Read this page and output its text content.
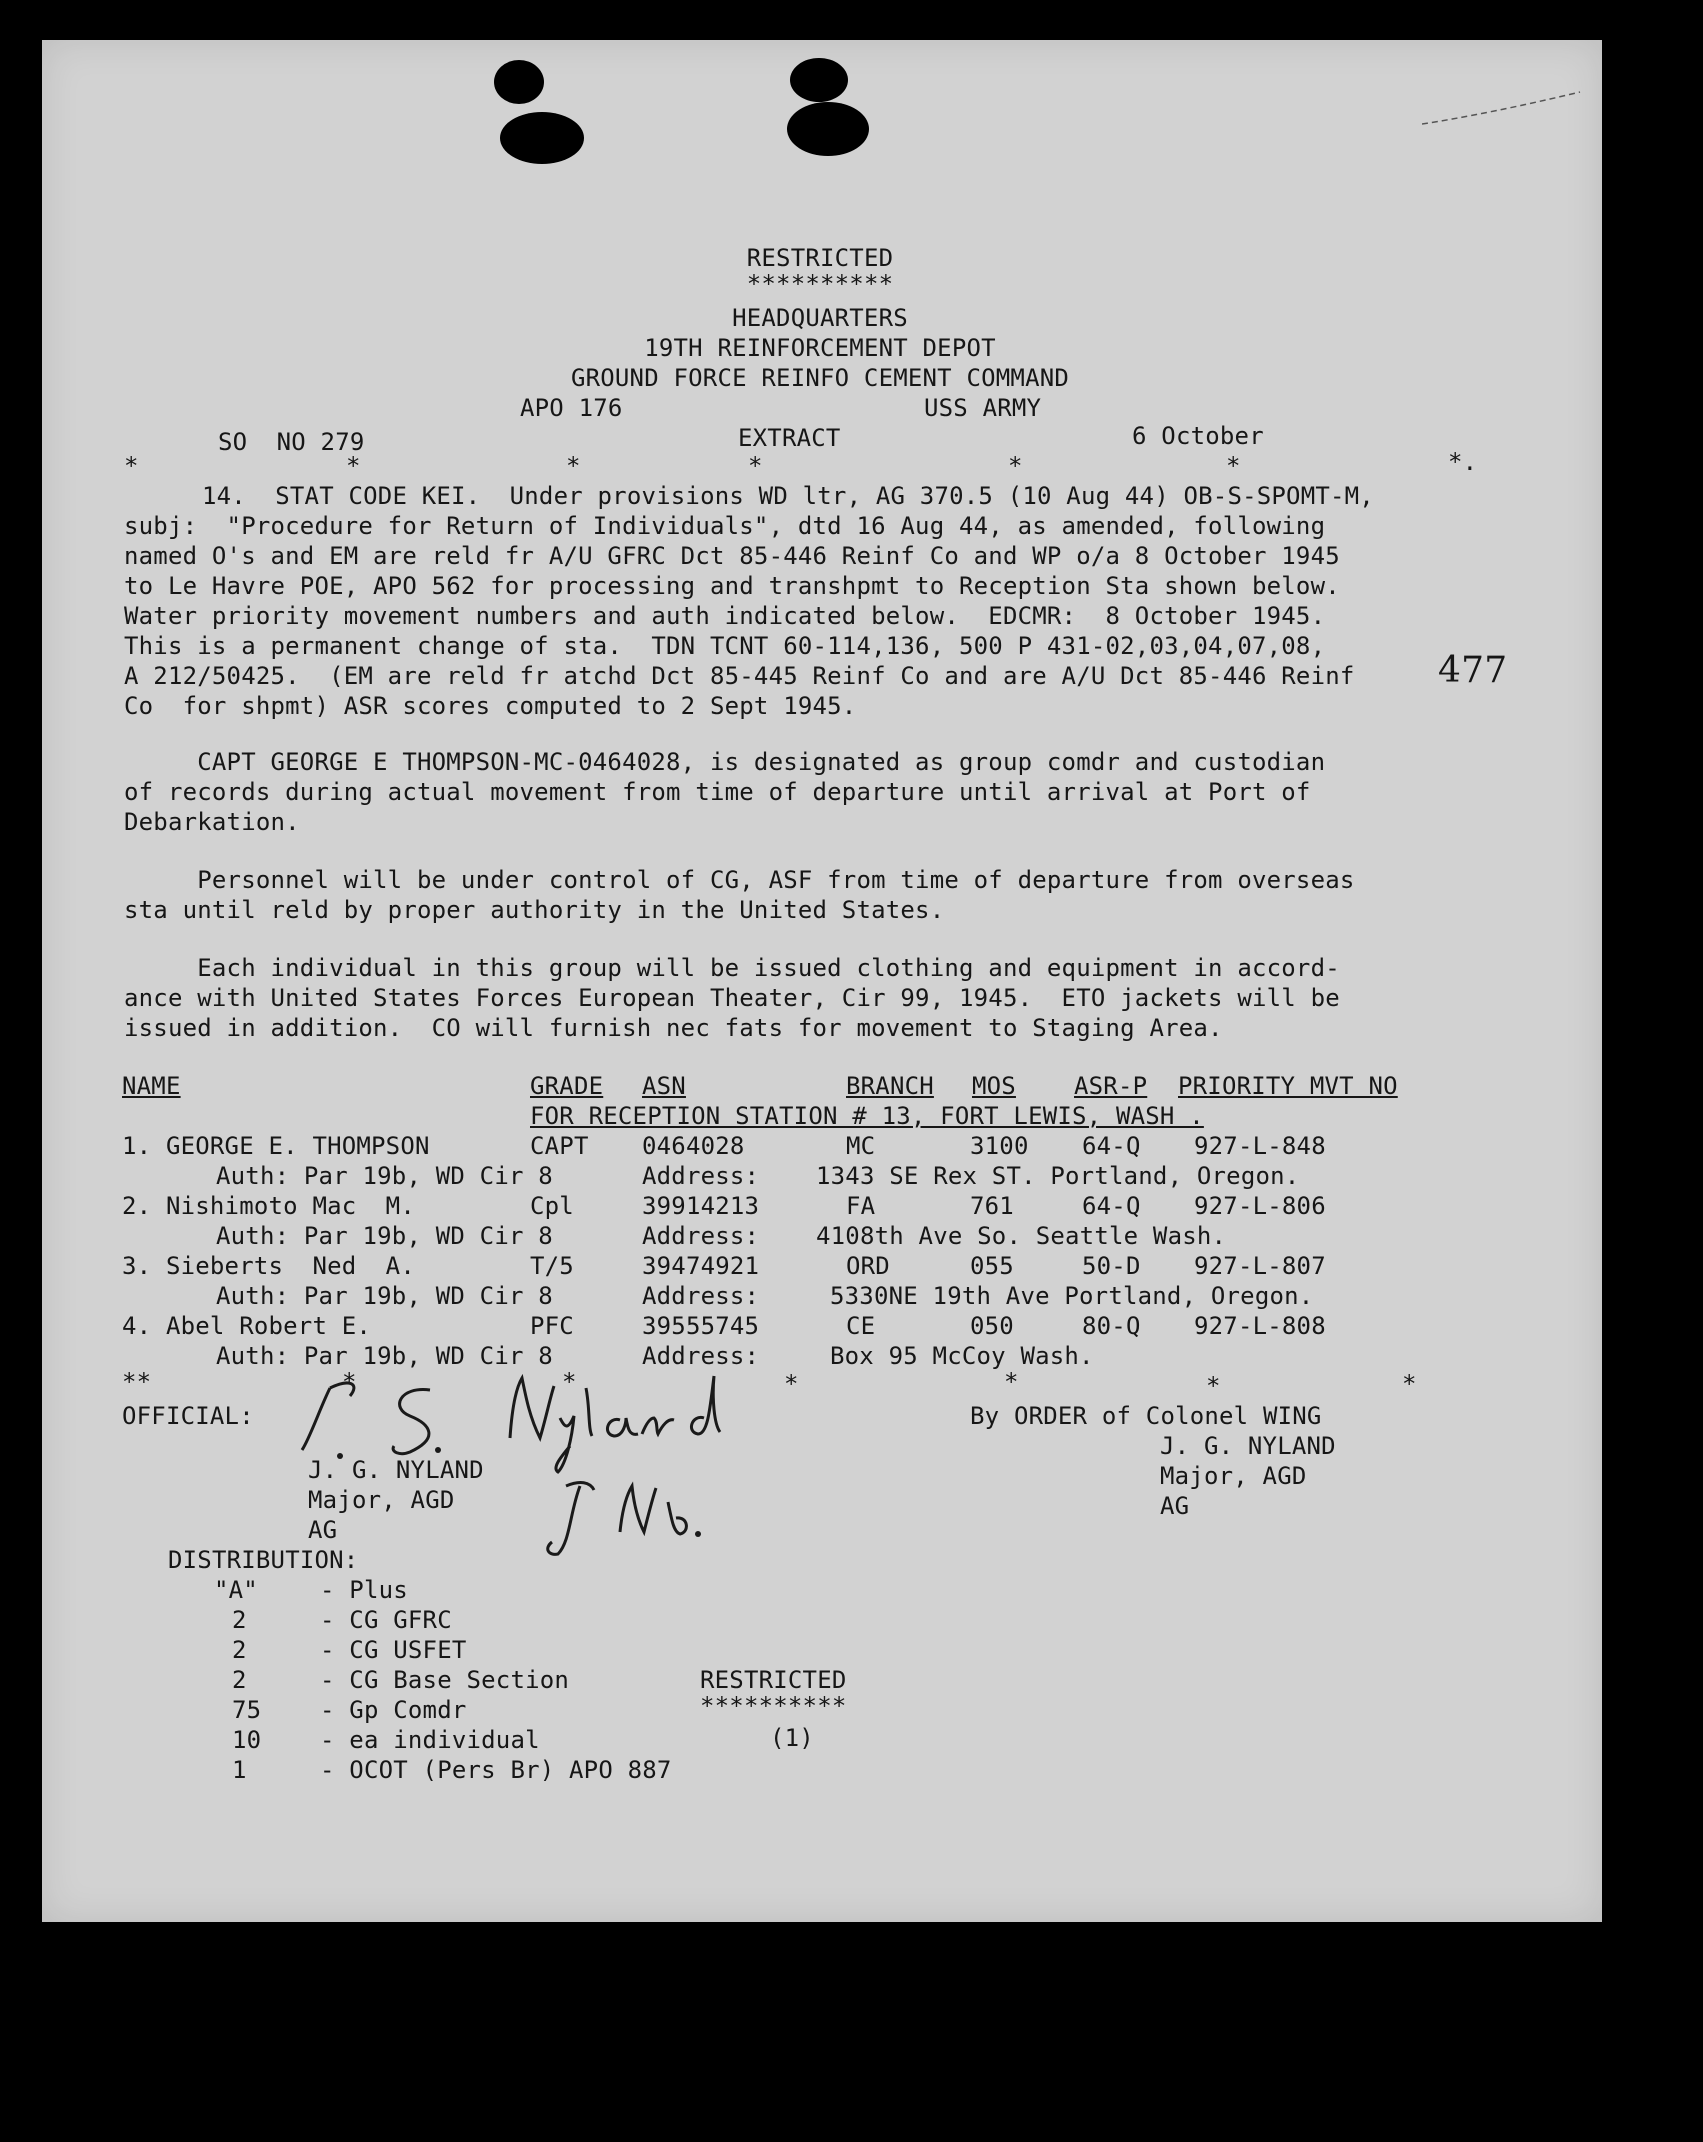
RESTRICTED
**********
HEADQUARTERS
19TH REINFORCEMENT DEPOT
GROUND FORCE REINFO CEMENT COMMAND
APO 176	USS ARMY
SO  NO 279	EXTRACT	6 October
*	*	*	*	*	*	*.
14.  STAT CODE KEI.  Under provisions WD ltr, AG 370.5 (10 Aug 44) OB-S-SPOMT-M,
subj:  "Procedure for Return of Individuals", dtd 16 Aug 44, as amended, following
named O's and EM are reld fr A/U GFRC Dct 85-446 Reinf Co and WP o/a 8 October 1945
to Le Havre POE, APO 562 for processing and transhpmt to Reception Sta shown below.
Water priority movement numbers and auth indicated below.  EDCMR:  8 October 1945.
This is a permanent change of sta.  TDN TCNT 60-114,136, 500 P 431-02,03,04,07,08,
A 212/50425.  (EM are reld fr atchd Dct 85-445 Reinf Co and are A/U Dct 85-446 Reinf
Co  for shpmt) ASR scores computed to 2 Sept 1945.
477
CAPT GEORGE E THOMPSON-MC-0464028, is designated as group comdr and custodian
of records during actual movement from time of departure until arrival at Port of
Debarkation.
Personnel will be under control of CG, ASF from time of departure from overseas
sta until reld by proper authority in the United States.
Each individual in this group will be issued clothing and equipment in accord-
ance with United States Forces European Theater, Cir 99, 1945.  ETO jackets will be
issued in addition.  CO will furnish nec fats for movement to Staging Area.
NAME	GRADE ASN	BRANCH MOS ASR-P PRIORITY MVT NO
FOR RECEPTION STATION # 13, FORT LEWIS, WASH .
1. GEORGE E. THOMPSON	CAPT 0464028	MC	3100 64-Q 927-L-848
Auth: Par 19b, WD Cir 8	Address: 1343 SE Rex ST. Portland, Oregon.
2. Nishimoto Mac  M.	Cpl	39914213	FA	761	64-Q 927-L-806
Auth: Par 19b, WD Cir 8	Address: 4108th Ave So. Seattle Wash.
3. Sieberts  Ned  A.	T/5	39474921	ORD	055	50-D 927-L-807
Auth: Par 19b, WD Cir 8	Address:	5330NE 19th Ave Portland, Oregon.
4. Abel Robert E.	PFC	39555745	CE	050	80-Q 927-L-808
Auth: Par 19b, WD Cir 8	Address:	Box 95 McCoy Wash.
**	*	*	*	*	*	*
OFFICIAL:
J. G. NYLAND
Major, AGD
AG
By ORDER of Colonel WING
J. G. NYLAND
Major, AGD
AG
DISTRIBUTION:
"A"	- Plus
2	- CG GFRC
2	- CG USFET
2	- CG Base Section
75 - Gp Comdr
10 - ea individual
1	- OCOT (Pers Br) APO 887
RESTRICTED
**********
(1)
